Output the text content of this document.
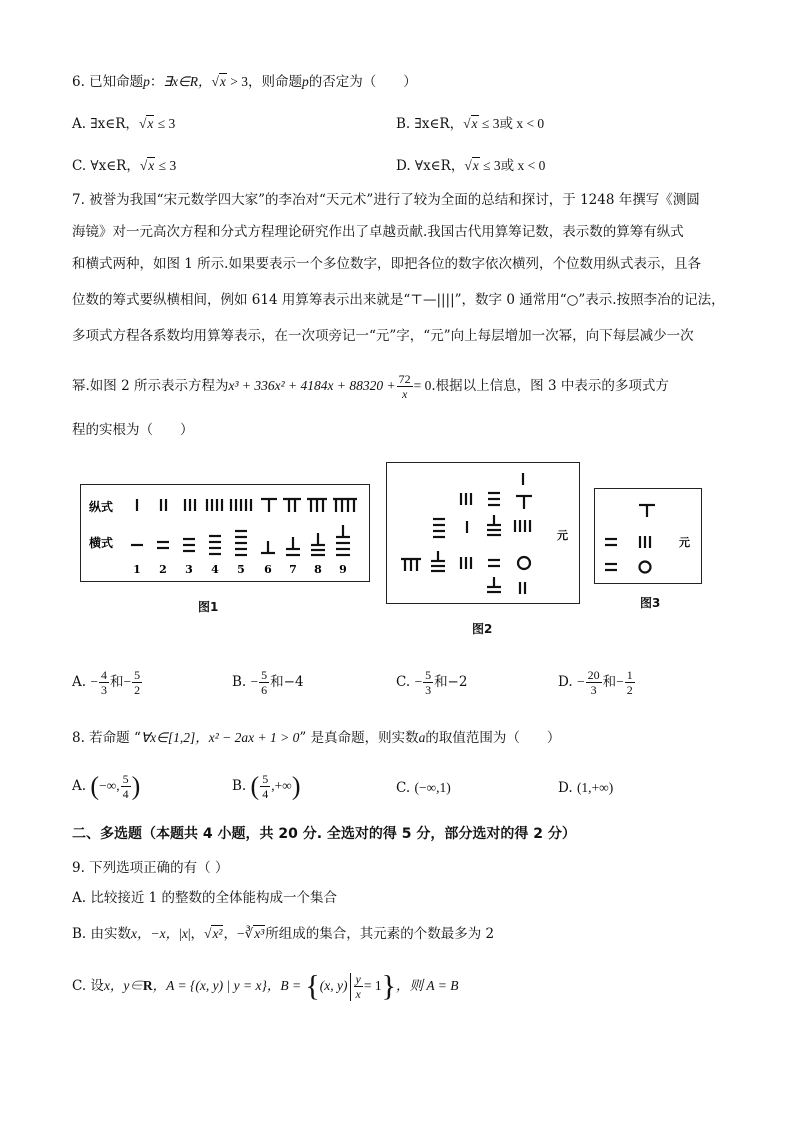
6. 已知命题p：∃x∈R，√x > 3，则命题p的否定为（　　）
A. ∃x∈R，√x ≤ 3	B. ∃x∈R，√x ≤ 3或 x < 0
C. ∀x∈R，√x ≤ 3	D. ∀x∈R，√x ≤ 3或 x < 0
7. 被誉为我国“宋元数学四大家”的李冶对“天元术”进行了较为全面的总结和探讨，于 1248 年撰写《测圆
海镜》对一元高次方程和分式方程理论研究作出了卓越贡献.我国古代用算筹记数，表示数的算筹有纵式
和横式两种，如图 1 所示.如果要表示一个多位数字，即把各位的数字依次横列，个位数用纵式表示，且各
位数的筹式要纵横相间，例如 614 用算筹表示出来就是“⊤—||||”，数字 0 通常用“○”表示.按照李冶的记法，
多项式方程各系数均用算筹表示，在一次项旁记一“元”字，“元”向上每层增加一次幂，向下每层减少一次
幂.如图 2 所示表示方程为$x^3 + 336x^2 + 4184x + 88320 + \frac{72}{x} = 0$.根据以上信息，图 3 中表示的多项式方
程的实根为（　　）
纵式
横式
1 2 3 4 5 6 7 8 9
图1
元
图2
元
图3
A. − $\frac{4}{3}$ 和− $\frac{5}{2}$	B. − $\frac{5}{6}$ 和−4	C. − $\frac{5}{3}$ 和−2	D. − $\frac{20}{3}$ 和− $\frac{1}{2}$
8. 若命题 “∀x∈[1,2]，x² − 2ax + 1 > 0” 是真命题，则实数a的取值范围为（　　）
A. (−∞, $\frac{5}{4}$ )	B. ( $\frac{5}{4}$ ,+∞)	C. (−∞,1)	D. (1,+∞)
二、多选题（本题共 4 小题，共 20 分. 全选对的得 5 分，部分选对的得 2 分）
9. 下列选项正确的有（ ）
A. 比较接近 1 的整数的全体能构成一个集合
B. 由实数x，−x，|x|，√x²，−∛x³所组成的集合，其元素的个数最多为 2
C. 设x，y∈R，A = {(x, y) | y = x}，B = {(x, $y) \frac{y}{x} = 1$}，则 A = B
